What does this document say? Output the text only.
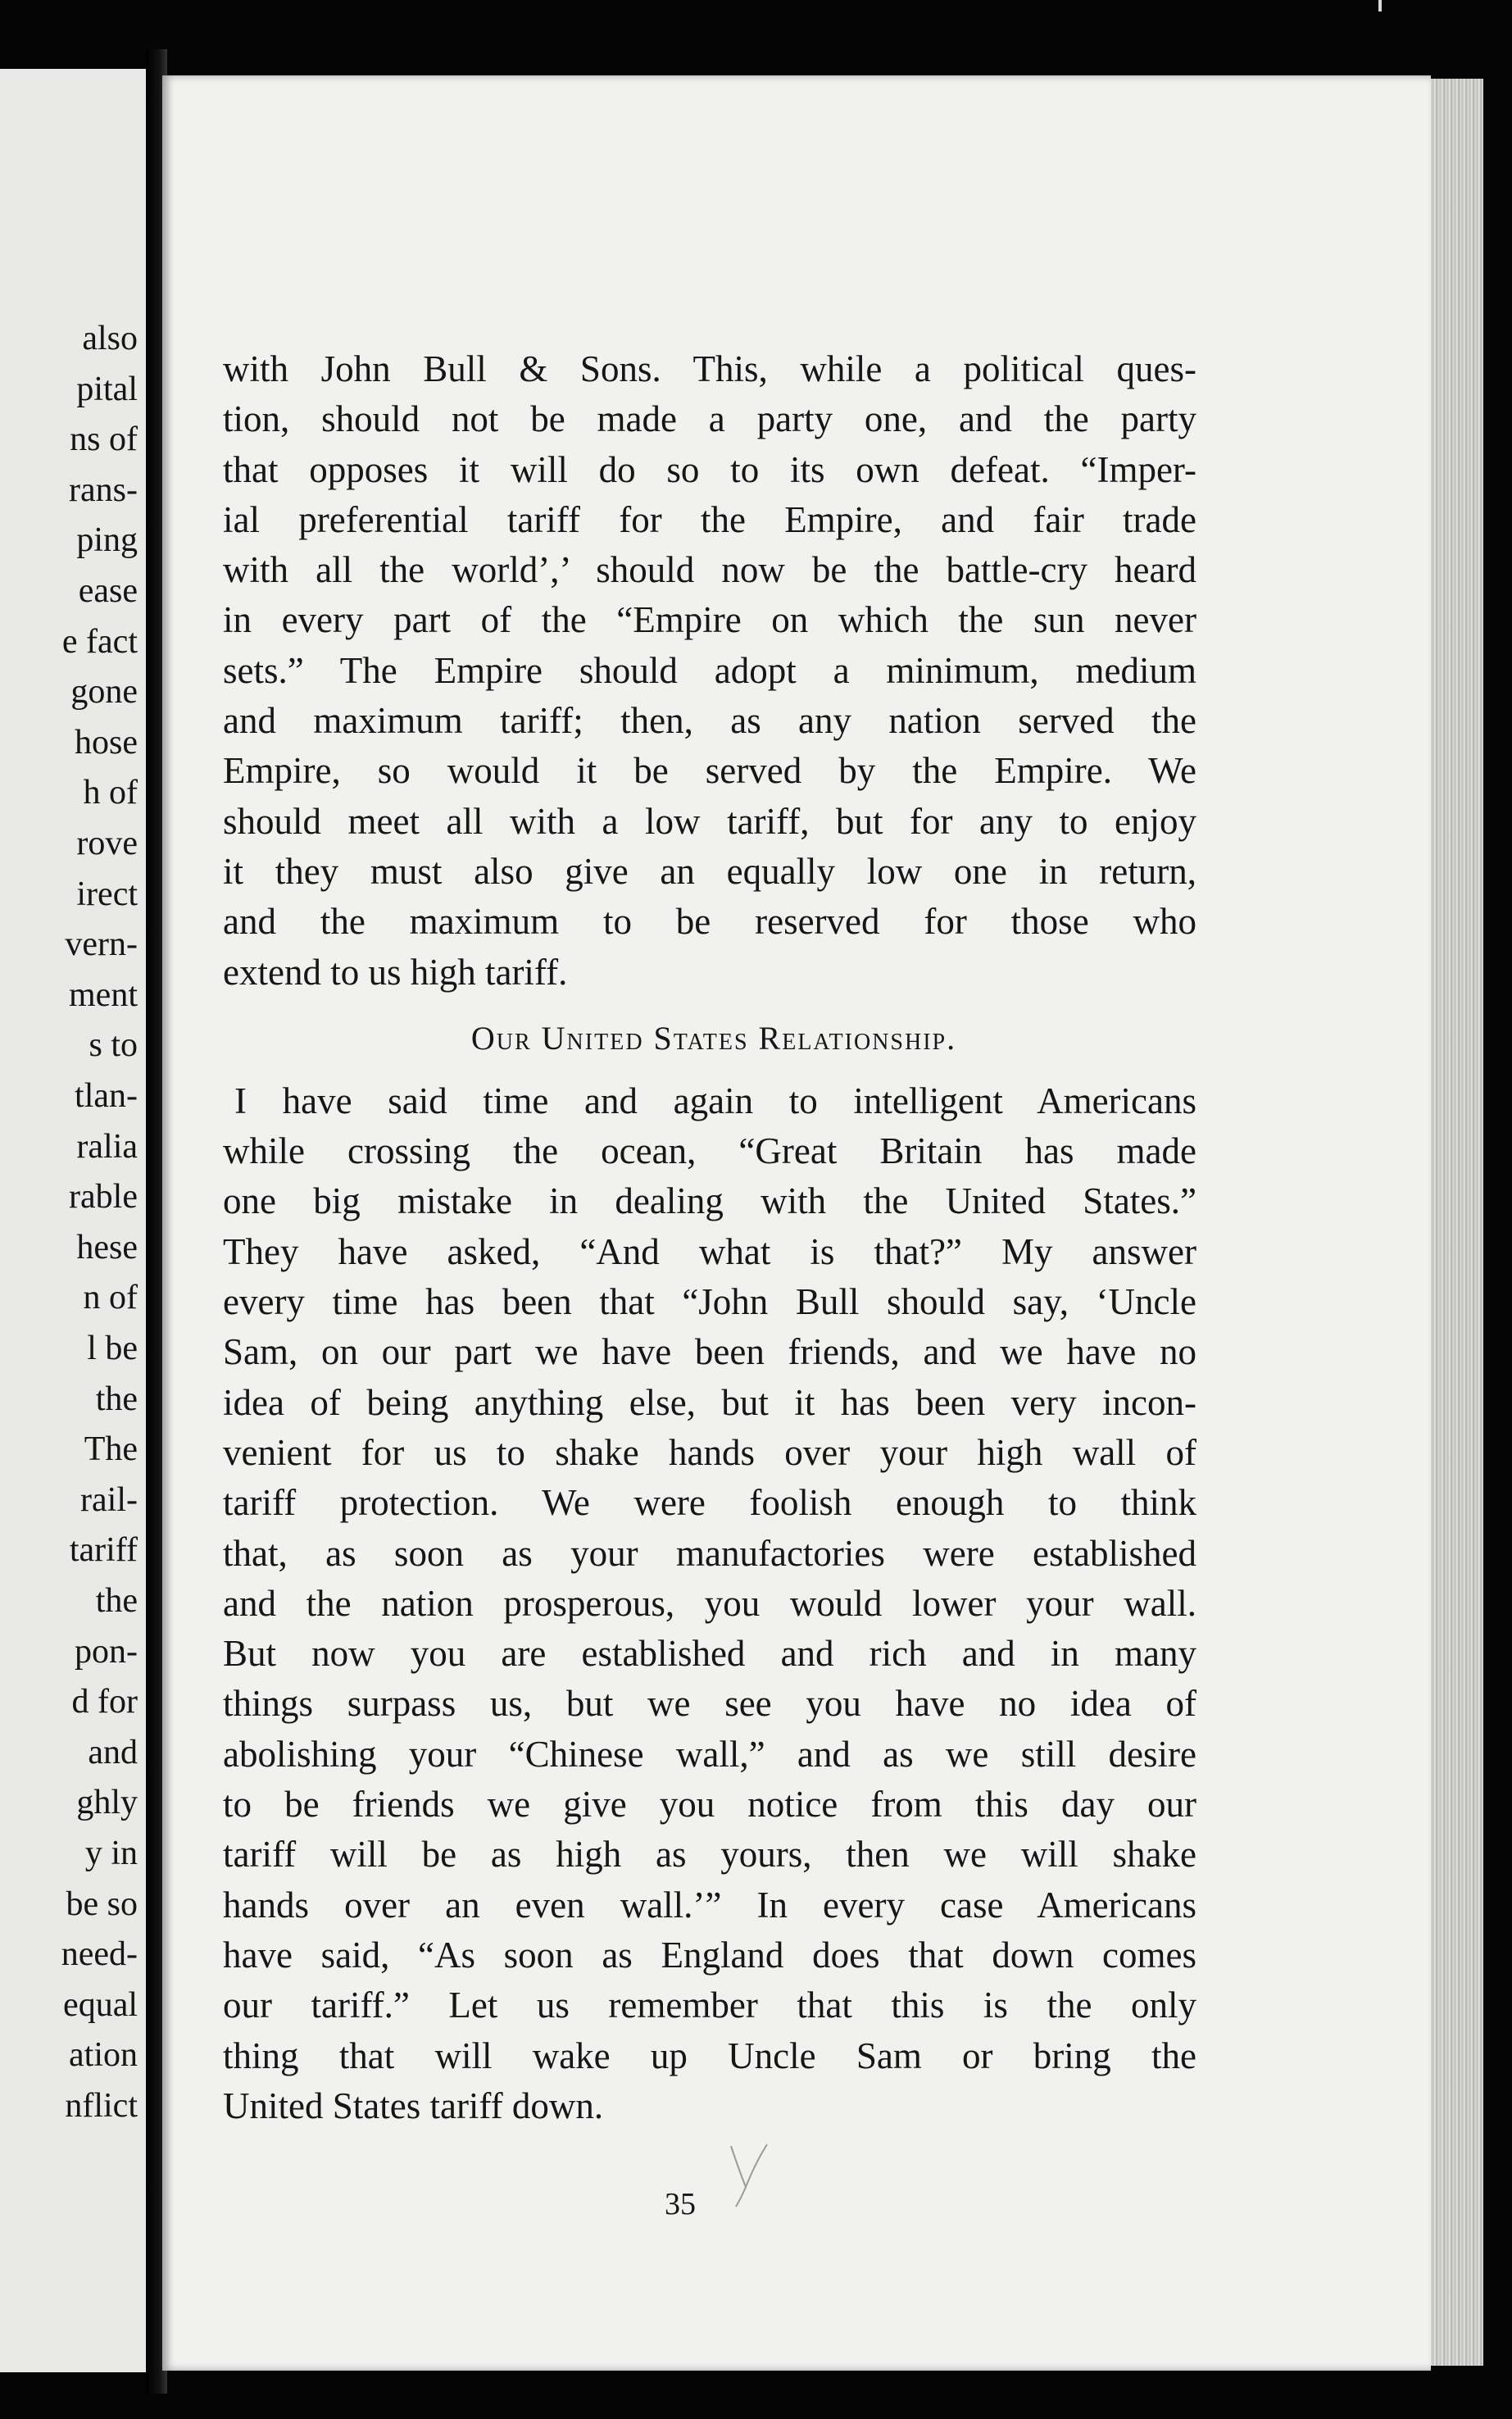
also
pital
ns of
rans-
ping
ease
e fact
gone
hose
h of
rove
irect
vern-
ment
s to
tlan-
ralia
rable
hese
n of
l be
the
The
rail-
tariff
the
pon-
d for
and
ghly
y in
be so
need-
equal
ation
nflict
with John Bull & Sons. This, while a political ques-
tion, should not be made a party one, and the party
that opposes it will do so to its own defeat. “Imper-
ial preferential tariff for the Empire, and fair trade
with all the world’,’ should now be the battle-cry heard
in every part of the “Empire on which the sun never
sets.” The Empire should adopt a minimum, medium
and maximum tariff; then, as any nation served the
Empire, so would it be served by the Empire. We
should meet all with a low tariff, but for any to enjoy
it they must also give an equally low one in return,
and the maximum to be reserved for those who
extend to us high tariff.
Our United States Relationship.
I have said time and again to intelligent Americans
while crossing the ocean, “Great Britain has made
one big mistake in dealing with the United States.”
They have asked, “And what is that?” My answer
every time has been that “John Bull should say, ‘Uncle
Sam, on our part we have been friends, and we have no
idea of being anything else, but it has been very incon-
venient for us to shake hands over your high wall of
tariff protection. We were foolish enough to think
that, as soon as your manufactories were established
and the nation prosperous, you would lower your wall.
But now you are established and rich and in many
things surpass us, but we see you have no idea of
abolishing your “Chinese wall,” and as we still desire
to be friends we give you notice from this day our
tariff will be as high as yours, then we will shake
hands over an even wall.’” In every case Americans
have said, “As soon as England does that down comes
our tariff.” Let us remember that this is the only
thing that will wake up Uncle Sam or bring the
United States tariff down.
35
